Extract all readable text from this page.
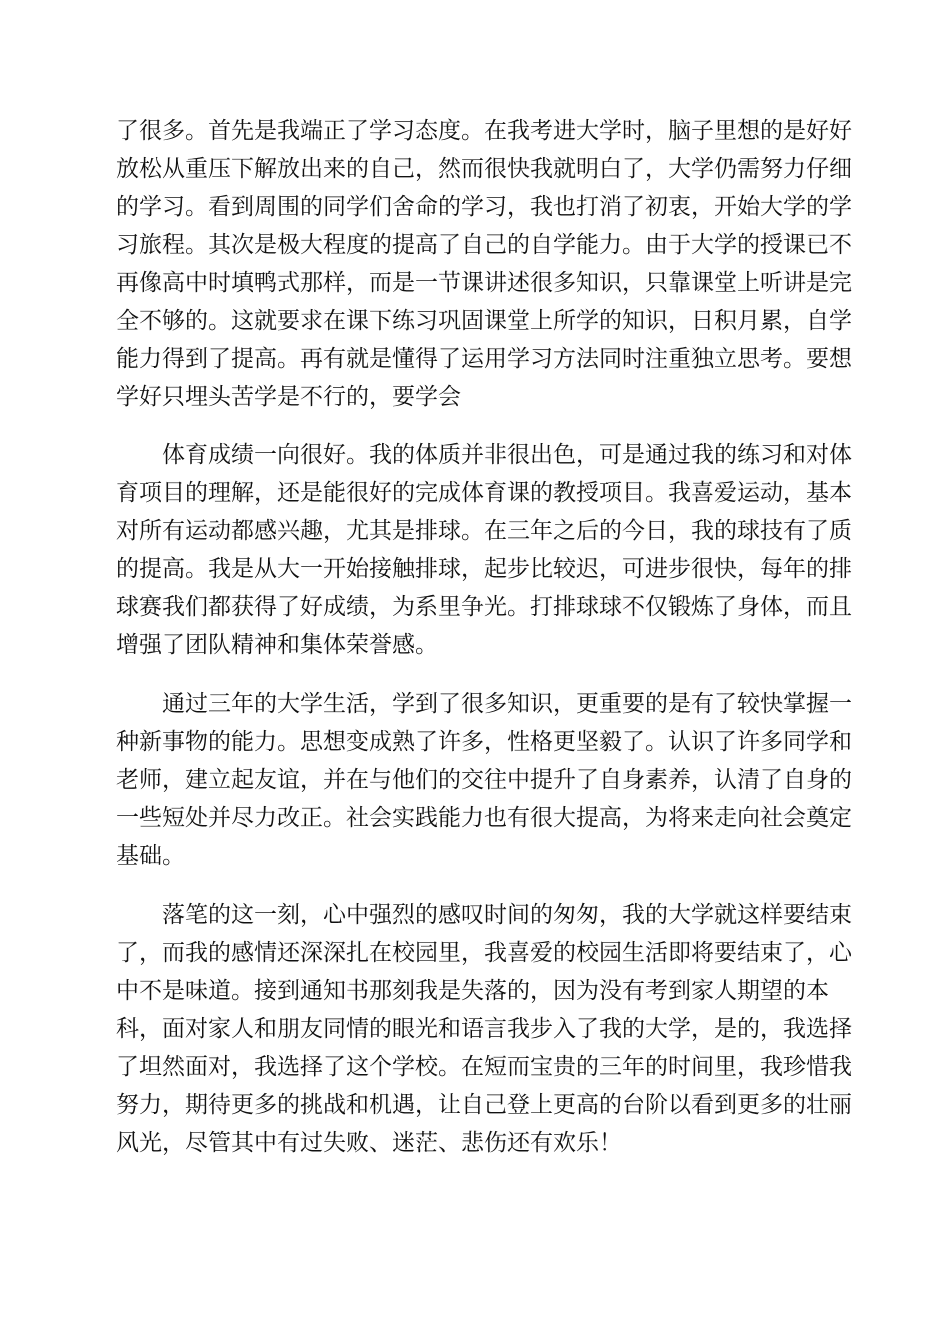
了很多。首先是我端正了学习态度。在我考进大学时，脑子里想的是好好
放松从重压下解放出来的自己，然而很快我就明白了，大学仍需努力仔细
的学习。看到周围的同学们舍命的学习，我也打消了初衷，开始大学的学
习旅程。其次是极大程度的提高了自己的自学能力。由于大学的授课已不
再像高中时填鸭式那样，而是一节课讲述很多知识，只靠课堂上听讲是完
全不够的。这就要求在课下练习巩固课堂上所学的知识，日积月累，自学
能力得到了提高。再有就是懂得了运用学习方法同时注重独立思考。要想
学好只埋头苦学是不行的，要学会
　　体育成绩一向很好。我的体质并非很出色，可是通过我的练习和对体
育项目的理解，还是能很好的完成体育课的教授项目。我喜爱运动，基本
对所有运动都感兴趣，尤其是排球。在三年之后的今日，我的球技有了质
的提高。我是从大一开始接触排球，起步比较迟，可进步很快，每年的排
球赛我们都获得了好成绩，为系里争光。打排球球不仅锻炼了身体，而且
增强了团队精神和集体荣誉感。
　　通过三年的大学生活，学到了很多知识，更重要的是有了较快掌握一
种新事物的能力。思想变成熟了许多，性格更坚毅了。认识了许多同学和
老师，建立起友谊，并在与他们的交往中提升了自身素养，认清了自身的
一些短处并尽力改正。社会实践能力也有很大提高，为将来走向社会奠定
基础。
　　落笔的这一刻，心中强烈的感叹时间的匆匆，我的大学就这样要结束
了，而我的感情还深深扎在校园里，我喜爱的校园生活即将要结束了，心
中不是味道。接到通知书那刻我是失落的，因为没有考到家人期望的本
科，面对家人和朋友同情的眼光和语言我步入了我的大学，是的，我选择
了坦然面对，我选择了这个学校。在短而宝贵的三年的时间里，我珍惜我
努力，期待更多的挑战和机遇，让自己登上更高的台阶以看到更多的壮丽
风光，尽管其中有过失败、迷茫、悲伤还有欢乐！
